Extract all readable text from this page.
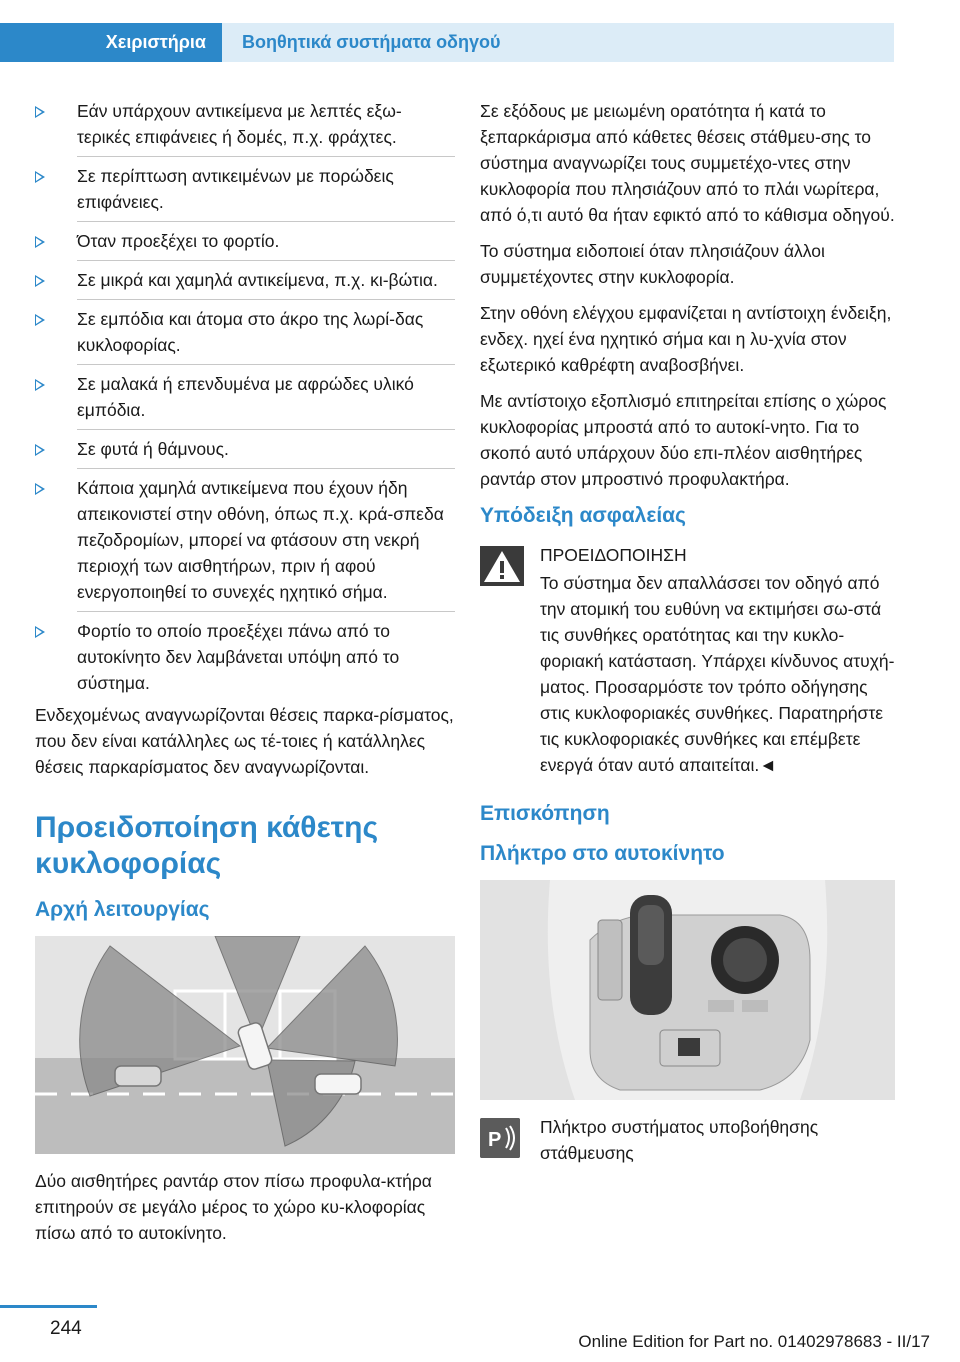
Χειριστήρια	Βοηθητικά συστήματα οδηγού
Εάν υπάρχουν αντικείμενα με λεπτές εξω-τερικές επιφάνειες ή δομές, π.χ. φράχτες.
Σε περίπτωση αντικειμένων με πορώδεις επιφάνειες.
Όταν προεξέχει το φορτίο.
Σε μικρά και χαμηλά αντικείμενα, π.χ. κι-βώτια.
Σε εμπόδια και άτομα στο άκρο της λωρί-δας κυκλοφορίας.
Σε μαλακά ή επενδυμένα με αφρώδες υλικό εμπόδια.
Σε φυτά ή θάμνους.
Κάποια χαμηλά αντικείμενα που έχουν ήδη απεικονιστεί στην οθόνη, όπως π.χ. κρά-σπεδα πεζοδρομίων, μπορεί να φτάσουν στη νεκρή περιοχή των αισθητήρων, πριν ή αφού ενεργοποιηθεί το συνεχές ηχητικό σήμα.
Φορτίο το οποίο προεξέχει πάνω από το αυτοκίνητο δεν λαμβάνεται υπόψη από το σύστημα.

Ενδεχομένως αναγνωρίζονται θέσεις παρκα-ρίσματος, που δεν είναι κατάλληλες ως τέ-τοιες ή κατάλληλες θέσεις παρκαρίσματος δεν αναγνωρίζονται.

Προειδοποίηση κάθετης κυκλοφορίας
Αρχή λειτουργίας

Δύο αισθητήρες ραντάρ στον πίσω προφυλα-κτήρα επιτηρούν σε μεγάλο μέρος το χώρο κυ-κλοφορίας πίσω από το αυτοκίνητο.

Σε εξόδους με μειωμένη ορατότητα ή κατά το ξεπαρκάρισμα από κάθετες θέσεις στάθμευ-σης το σύστημα αναγνωρίζει τους συμμετέχο-ντες στην κυκλοφορία που πλησιάζουν από το πλάι νωρίτερα, από ό,τι αυτό θα ήταν εφικτό από το κάθισμα οδηγού.

Το σύστημα ειδοποιεί όταν πλησιάζουν άλλοι συμμετέχοντες στην κυκλοφορία.

Στην οθόνη ελέγχου εμφανίζεται η αντίστοιχη ένδειξη, ενδεχ. ηχεί ένα ηχητικό σήμα και η λυ-χνία στον εξωτερικό καθρέφτη αναβοσβήνει.

Με αντίστοιχο εξοπλισμό επιτηρείται επίσης ο χώρος κυκλοφορίας μπροστά από το αυτοκί-νητο. Για το σκοπό αυτό υπάρχουν δύο επι-πλέον αισθητήρες ραντάρ στον μπροστινό προφυλακτήρα.

Υπόδειξη ασφαλείας
ΠΡΟΕΙΔΟΠΟΙΗΣΗ
Το σύστημα δεν απαλλάσσει τον οδηγό από την ατομική του ευθύνη να εκτιμήσει σω-στά τις συνθήκες ορατότητας και την κυκλο-φοριακή κατάσταση. Υπάρχει κίνδυνος ατυχή-ματος. Προσαρμόστε τον τρόπο οδήγησης στις κυκλοφοριακές συνθήκες. Παρατηρήστε τις κυκλοφοριακές συνθήκες και επέμβετε ενεργά όταν αυτό απαιτείται.◄
Επισκόπηση
Πλήκτρο στο αυτοκίνητο
P
Πλήκτρο συστήματος υποβοήθησης στάθμευσης
244
Online Edition for Part no. 01402978683 - II/17
